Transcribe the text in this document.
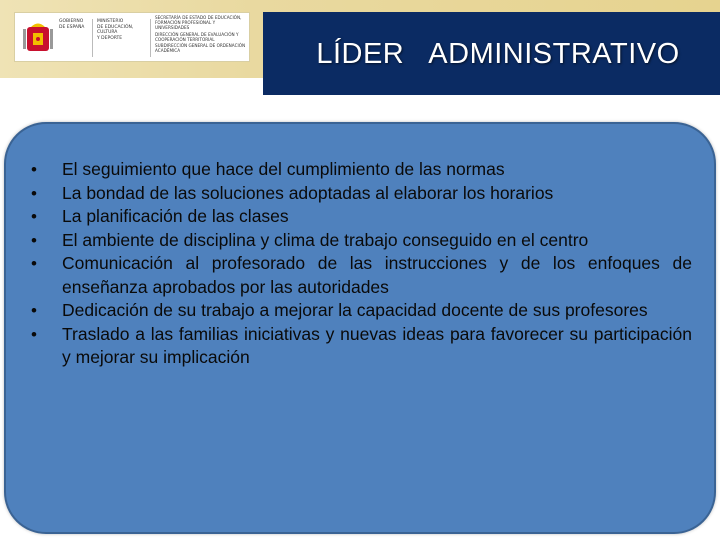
GOBIERNO
DE ESPAÑA
MINISTERIO
DE EDUCACIÓN, CULTURA
Y DEPORTE
SECRETARÍA DE ESTADO DE EDUCACIÓN, FORMACIÓN PROFESIONAL Y UNIVERSIDADES
DIRECCIÓN GENERAL DE EVALUACIÓN Y COOPERACIÓN TERRITORIAL
SUBDIRECCIÓN GENERAL DE ORDENACIÓN ACADÉMICA	LÍDER   ADMINISTRATIVO
• El seguimiento que hace del cumplimiento de las normas
• La bondad de las soluciones adoptadas al elaborar los horarios
• La planificación de las clases
• El ambiente de disciplina y clima de trabajo conseguido en el centro
• Comunicación al profesorado de las instrucciones y de los enfoques de enseñanza aprobados por las autoridades
• Dedicación de su trabajo a mejorar la capacidad docente de sus profesores
• Traslado a las familias iniciativas y nuevas ideas para favorecer su participación y mejorar su implicación
